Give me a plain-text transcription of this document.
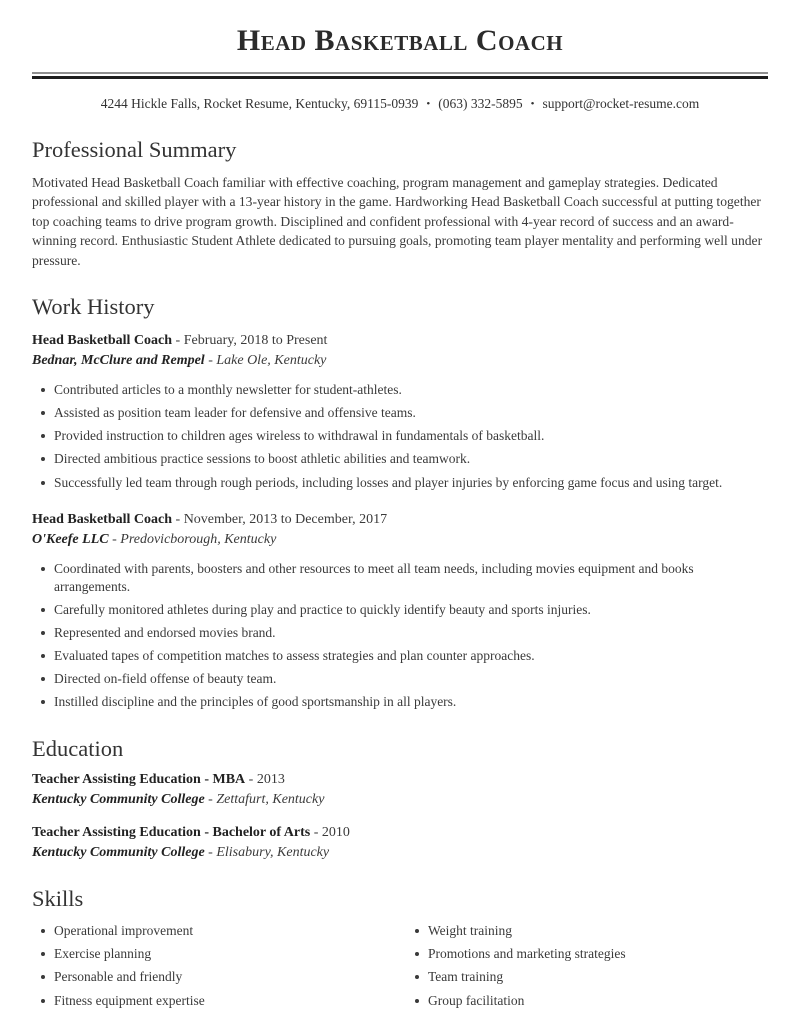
Head Basketball Coach

4244 Hickle Falls, Rocket Resume, Kentucky, 69115-0939 • (063) 332-5895 • support@rocket-resume.com

Professional Summary

Motivated Head Basketball Coach familiar with effective coaching, program management and gameplay strategies. Dedicated professional and skilled player with a 13-year history in the game. Hardworking Head Basketball Coach successful at putting together top coaching teams to drive program growth. Disciplined and confident professional with 4-year record of success and an award-winning record. Enthusiastic Student Athlete dedicated to pursuing goals, promoting team player mentality and performing well under pressure.

Work History

Head Basketball Coach - February, 2018 to Present

Bednar, McClure and Rempel - Lake Ole, Kentucky

Contributed articles to a monthly newsletter for student-athletes.
Assisted as position team leader for defensive and offensive teams.
Provided instruction to children ages wireless to withdrawal in fundamentals of basketball.
Directed ambitious practice sessions to boost athletic abilities and teamwork.
Successfully led team through rough periods, including losses and player injuries by enforcing game focus and using target.

Head Basketball Coach - November, 2013 to December, 2017

O'Keefe LLC - Predovicborough, Kentucky

Coordinated with parents, boosters and other resources to meet all team needs, including movies equipment and books arrangements.
Carefully monitored athletes during play and practice to quickly identify beauty and sports injuries.
Represented and endorsed movies brand.
Evaluated tapes of competition matches to assess strategies and plan counter approaches.
Directed on-field offense of beauty team.
Instilled discipline and the principles of good sportsmanship in all players.
Education

Teacher Assisting Education - MBA - 2013

Kentucky Community College - Zettafurt, Kentucky

Teacher Assisting Education - Bachelor of Arts - 2010

Kentucky Community College - Elisabury, Kentucky

Skills
Operational improvement
Exercise planning
Personable and friendly
Fitness equipment expertise
Weight training
Promotions and marketing strategies
Team training
Group facilitation
